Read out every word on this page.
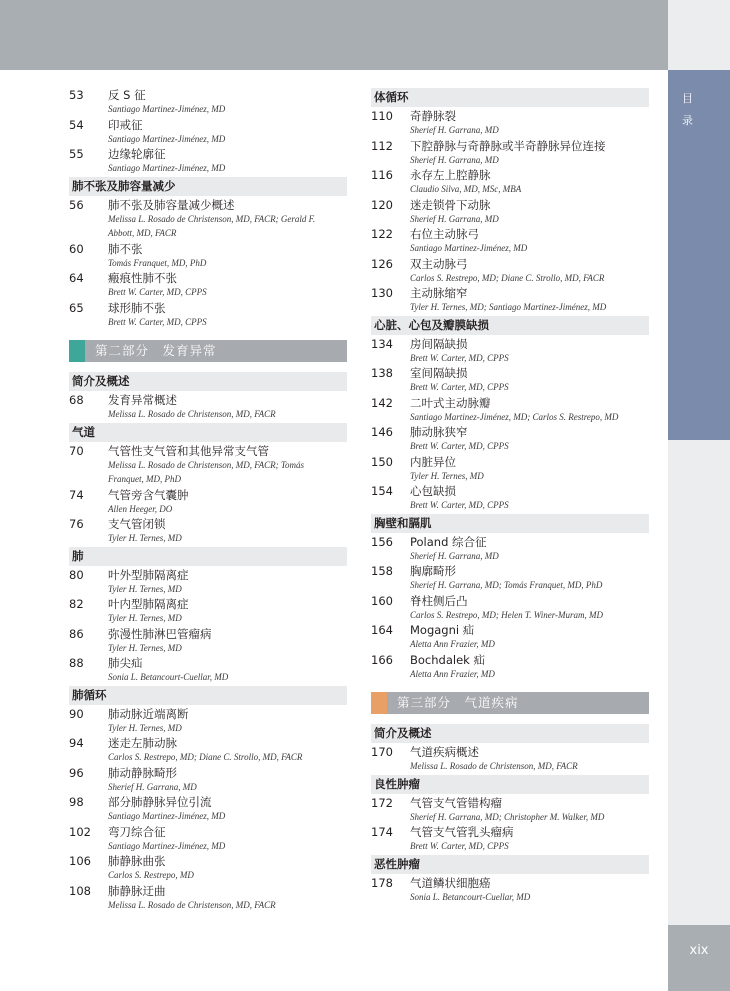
目
录
xix
53 反 S 征
Santiago Martinez-Jiménez, MD
54 印戒征
Santiago Martinez-Jiménez, MD
55 边缘轮廓征
Santiago Martinez-Jiménez, MD
肺不张及肺容量减少
56 肺不张及肺容量减少概述
Melissa L. Rosado de Christenson, MD, FACR; Gerald F.
Abbott, MD, FACR
60 肺不张
Tomás Franquet, MD, PhD
64 瘢痕性肺不张
Brett W. Carter, MD, CPPS
65 球形肺不张
Brett W. Carter, MD, CPPS
第二部分　发育异常
简介及概述
68 发育异常概述
Melissa L. Rosado de Christenson, MD, FACR
气道
70 气管性支气管和其他异常支气管
Melissa L. Rosado de Christenson, MD, FACR; Tomás
Franquet, MD, PhD
74 气管旁含气囊肿
Allen Heeger, DO
76 支气管闭锁
Tyler H. Ternes, MD
肺
80 叶外型肺隔离症
Tyler H. Ternes, MD
82 叶内型肺隔离症
Tyler H. Ternes, MD
86 弥漫性肺淋巴管瘤病
Tyler H. Ternes, MD
88 肺尖疝
Sonia L. Betancourt-Cuellar, MD
肺循环
90 肺动脉近端离断
Tyler H. Ternes, MD
94 迷走左肺动脉
Carlos S. Restrepo, MD; Diane C. Strollo, MD, FACR
96 肺动静脉畸形
Sherief H. Garrana, MD
98 部分肺静脉异位引流
Santiago Martinez-Jiménez, MD
102 弯刀综合征
Santiago Martinez-Jiménez, MD
106 肺静脉曲张
Carlos S. Restrepo, MD
108 肺静脉迂曲
Melissa L. Rosado de Christenson, MD, FACR
体循环
110 奇静脉裂
Sherief H. Garrana, MD
112 下腔静脉与奇静脉或半奇静脉异位连接
Sherief H. Garrana, MD
116 永存左上腔静脉
Claudio Silva, MD, MSc, MBA
120 迷走锁骨下动脉
Sherief H. Garrana, MD
122 右位主动脉弓
Santiago Martinez-Jiménez, MD
126 双主动脉弓
Carlos S. Restrepo, MD; Diane C. Strollo, MD, FACR
130 主动脉缩窄
Tyler H. Ternes, MD; Santiago Martinez-Jiménez, MD
心脏、心包及瓣膜缺损
134 房间隔缺损
Brett W. Carter, MD, CPPS
138 室间隔缺损
Brett W. Carter, MD, CPPS
142 二叶式主动脉瓣
Santiago Martinez-Jiménez, MD; Carlos S. Restrepo, MD
146 肺动脉狭窄
Brett W. Carter, MD, CPPS
150 内脏异位
Tyler H. Ternes, MD
154 心包缺损
Brett W. Carter, MD, CPPS
胸壁和膈肌
156 Poland 综合征
Sherief H. Garrana, MD
158 胸廓畸形
Sherief H. Garrana, MD; Tomás Franquet, MD, PhD
160 脊柱侧后凸
Carlos S. Restrepo, MD; Helen T. Winer-Muram, MD
164 Mogagni 疝
Aletta Ann Frazier, MD
166 Bochdalek 疝
Aletta Ann Frazier, MD
第三部分　气道疾病
简介及概述
170 气道疾病概述
Melissa L. Rosado de Christenson, MD, FACR
良性肿瘤
172 气管支气管错构瘤
Sherief H. Garrana, MD; Christopher M. Walker, MD
174 气管支气管乳头瘤病
Brett W. Carter, MD, CPPS
恶性肿瘤
178 气道鳞状细胞癌
Sonia L. Betancourt-Cuellar, MD
